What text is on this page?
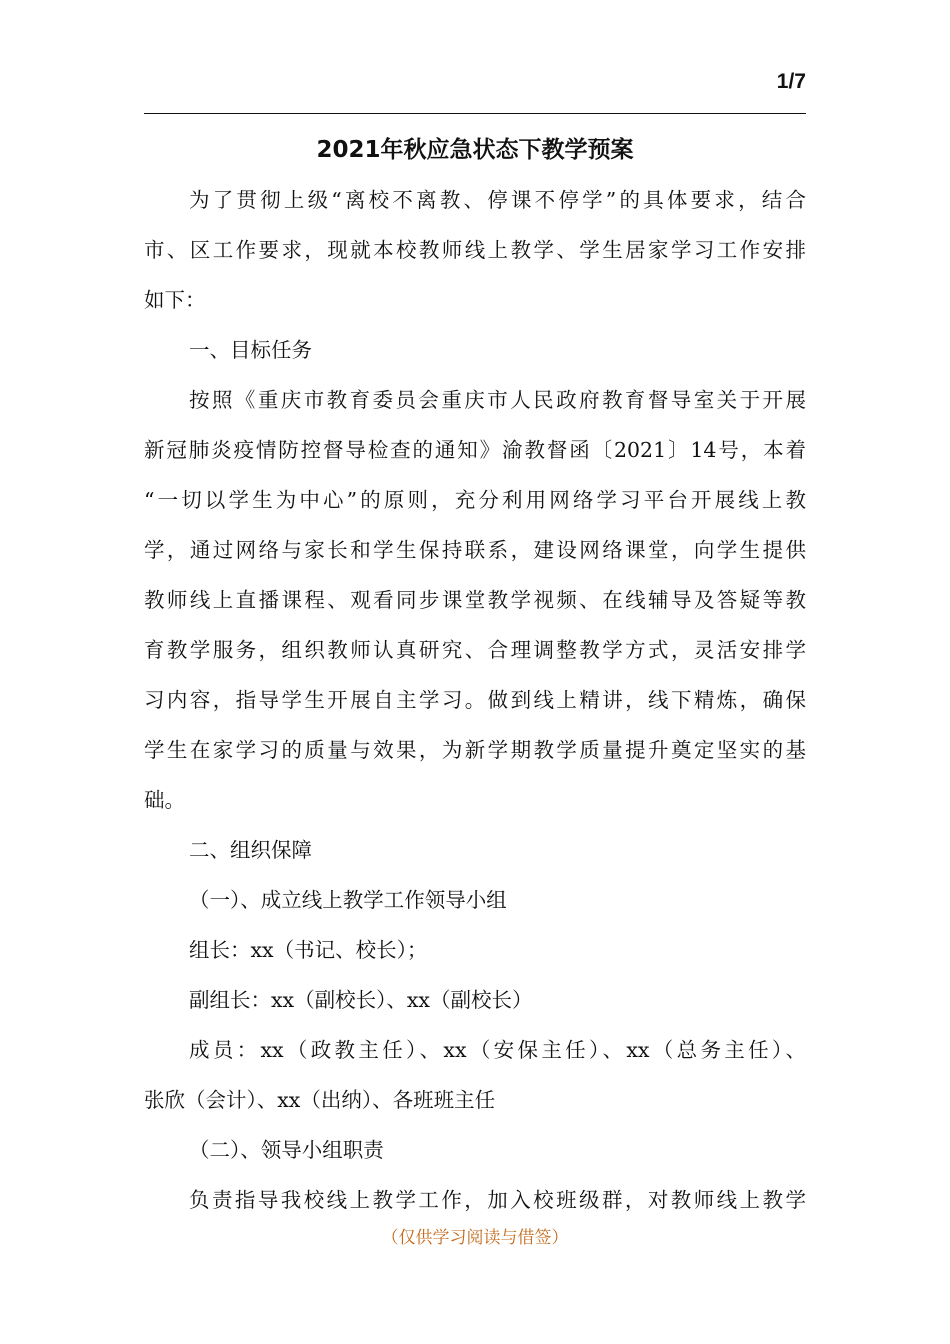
1/7
2021年秋应急状态下教学预案
为了贯彻上级“离校不离教、停课不停学”的具体要求，结合
市、区工作要求，现就本校教师线上教学、学生居家学习工作安排
如下：
一、目标任务
按照《重庆市教育委员会重庆市人民政府教育督导室关于开展
新冠肺炎疫情防控督导检查的通知》渝教督函〔2021〕14号，本着
“一切以学生为中心”的原则，充分利用网络学习平台开展线上教
学，通过网络与家长和学生保持联系，建设网络课堂，向学生提供
教师线上直播课程、观看同步课堂教学视频、在线辅导及答疑等教
育教学服务，组织教师认真研究、合理调整教学方式，灵活安排学
习内容，指导学生开展自主学习。做到线上精讲，线下精炼，确保
学生在家学习的质量与效果，为新学期教学质量提升奠定坚实的基
础。
二、组织保障
（一）、成立线上教学工作领导小组
组长：xx（书记、校长）；
副组长：xx（副校长）、xx（副校长）
成员：xx（政教主任）、xx（安保主任）、xx（总务主任）、
张欣（会计）、xx（出纳）、各班班主任
（二）、领导小组职责
负责指导我校线上教学工作，加入校班级群，对教师线上教学
（仅供学习阅读与借签）
